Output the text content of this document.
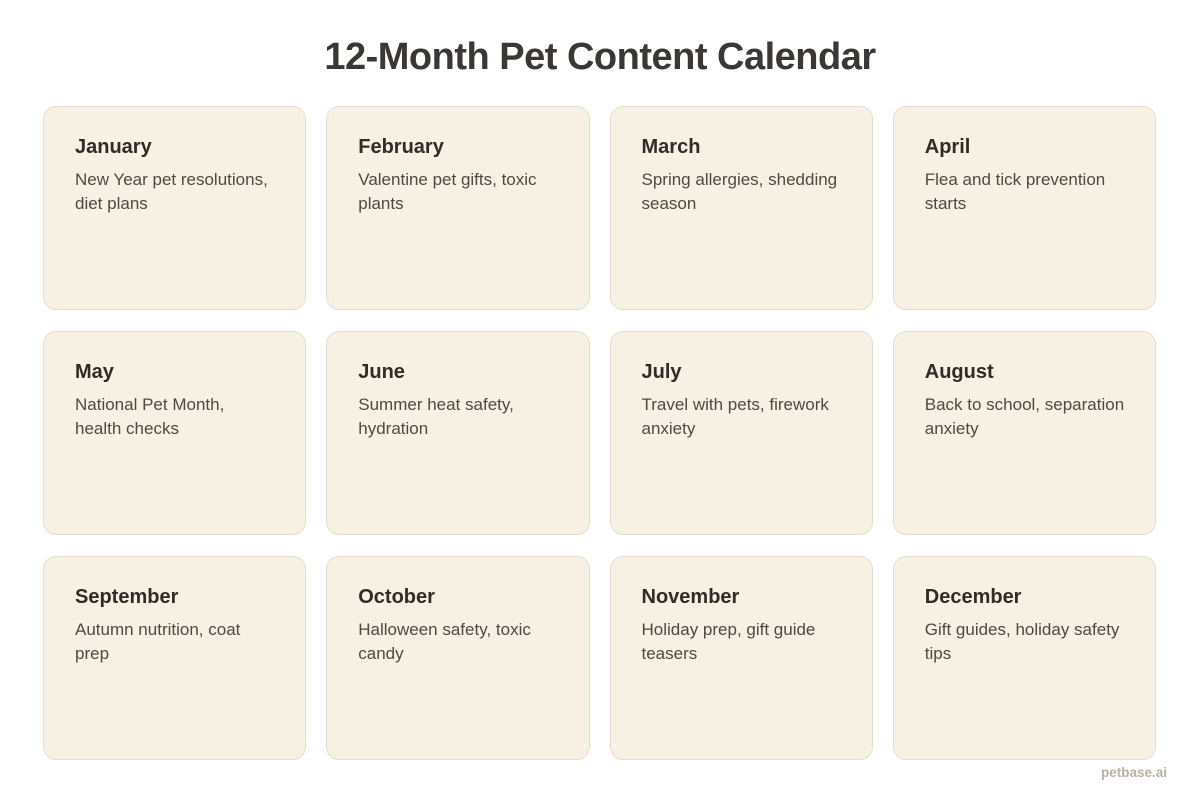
12-Month Pet Content Calendar
January

New Year pet resolutions, diet plans

February

Valentine pet gifts, toxic plants

March

Spring allergies, shedding season

April

Flea and tick prevention starts

May

National Pet Month, health checks

June

Summer heat safety, hydration

July

Travel with pets, firework anxiety

August

Back to school, separation anxiety

September

Autumn nutrition, coat prep

October

Halloween safety, toxic candy

November

Holiday prep, gift guide teasers

December

Gift guides, holiday safety tips

petbase.ai
